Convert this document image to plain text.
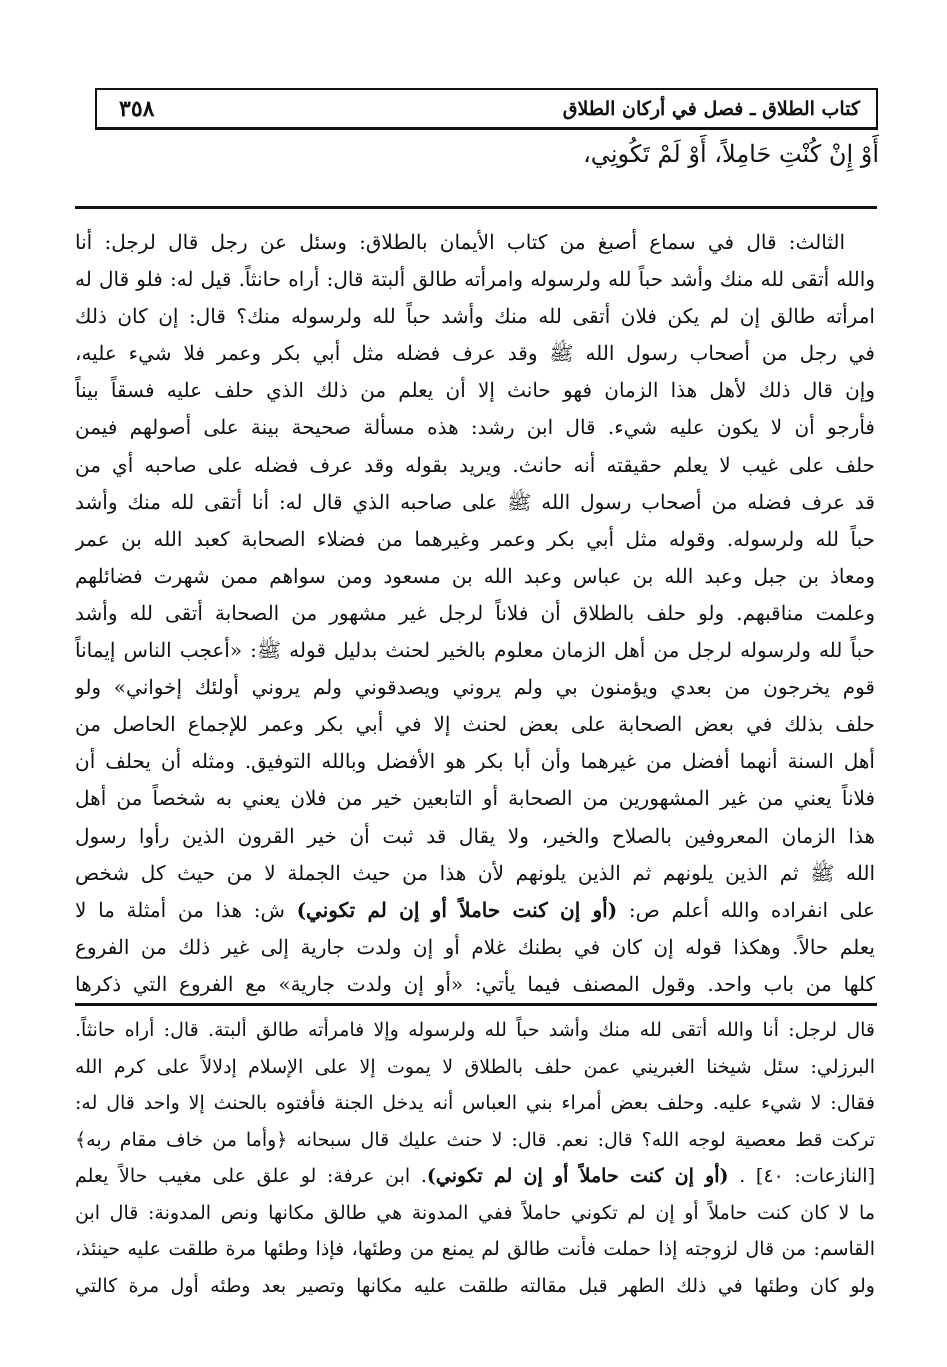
٣٥٨	كتاب الطلاق ـ فصل في أركان الطلاق
أَوْ إِنْ كُنْتِ حَامِلاً، أَوْ لَمْ تَكُونِي،
الثالث: قال في سماع أصبغ من كتاب الأيمان بالطلاق: وسئل عن رجل قال لرجل: أنا
والله أتقى لله منك وأشد حباً لله ولرسوله وامرأته طالق ألبتة قال: أراه حانثاً. قيل له: فلو قال له
امرأته طالق إن لم يكن فلان أتقى لله منك وأشد حباً لله ولرسوله منك؟ قال: إن كان ذلك
في رجل من أصحاب رسول الله ﷺ وقد عرف فضله مثل أبي بكر وعمر فلا شيء عليه،
وإن قال ذلك لأهل هذا الزمان فهو حانث إلا أن يعلم من ذلك الذي حلف عليه فسقاً بيناً
فأرجو أن لا يكون عليه شيء. قال ابن رشد: هذه مسألة صحيحة بينة على أصولهم فيمن
حلف على غيب لا يعلم حقيقته أنه حانث. ويريد بقوله وقد عرف فضله على صاحبه أي من
قد عرف فضله من أصحاب رسول الله ﷺ على صاحبه الذي قال له: أنا أتقى لله منك وأشد
حباً لله ولرسوله. وقوله مثل أبي بكر وعمر وغيرهما من فضلاء الصحابة كعبد الله بن عمر
ومعاذ بن جبل وعبد الله بن عباس وعبد الله بن مسعود ومن سواهم ممن شهرت فضائلهم
وعلمت مناقبهم. ولو حلف بالطلاق أن فلاناً لرجل غير مشهور من الصحابة أتقى لله وأشد
حباً لله ولرسوله لرجل من أهل الزمان معلوم بالخير لحنث بدليل قوله ﷺ: «أعجب الناس إيماناً
قوم يخرجون من بعدي ويؤمنون بي ولم يروني ويصدقوني ولم يروني أولئك إخواني» ولو
حلف بذلك في بعض الصحابة على بعض لحنث إلا في أبي بكر وعمر للإجماع الحاصل من
أهل السنة أنهما أفضل من غيرهما وأن أبا بكر هو الأفضل وبالله التوفيق. ومثله أن يحلف أن
فلاناً يعني من غير المشهورين من الصحابة أو التابعين خير من فلان يعني به شخصاً من أهل
هذا الزمان المعروفين بالصلاح والخير، ولا يقال قد ثبت أن خير القرون الذين رأوا رسول
الله ﷺ ثم الذين يلونهم ثم الذين يلونهم لأن هذا من حيث الجملة لا من حيث كل شخص
على انفراده والله أعلم ص: (أو إن كنت حاملاً أو إن لم تكوني) ش: هذا من أمثلة ما لا
يعلم حالاً. وهكذا قوله إن كان في بطنك غلام أو إن ولدت جارية إلى غير ذلك من الفروع
كلها من باب واحد. وقول المصنف فيما يأتي: «أو إن ولدت جارية» مع الفروع التي ذكرها
قال لرجل: أنا والله أتقى لله منك وأشد حباً لله ولرسوله وإلا فامرأته طالق ألبتة. قال: أراه حانثاً.
البرزلي: سئل شيخنا الغبريني عمن حلف بالطلاق لا يموت إلا على الإسلام إدلالاً على كرم الله
فقال: لا شيء عليه. وحلف بعض أمراء بني العباس أنه يدخل الجنة فأفتوه بالحنث إلا واحد قال له:
تركت قط معصية لوجه الله؟ قال: نعم. قال: لا حنث عليك قال سبحانه ﴿وأما من خاف مقام ربه﴾
[النازعات: ٤٠] . (أو إن كنت حاملاً أو إن لم تكوني). ابن عرفة: لو علق على مغيب حالاً يعلم
ما لا كان كنت حاملاً أو إن لم تكوني حاملاً ففي المدونة هي طالق مكانها ونص المدونة: قال ابن
القاسم: من قال لزوجته إذا حملت فأنت طالق لم يمنع من وطئها، فإذا وطئها مرة طلقت عليه حينئذ،
ولو كان وطئها في ذلك الطهر قبل مقالته طلقت عليه مكانها وتصير بعد وطئه أول مرة كالتي
